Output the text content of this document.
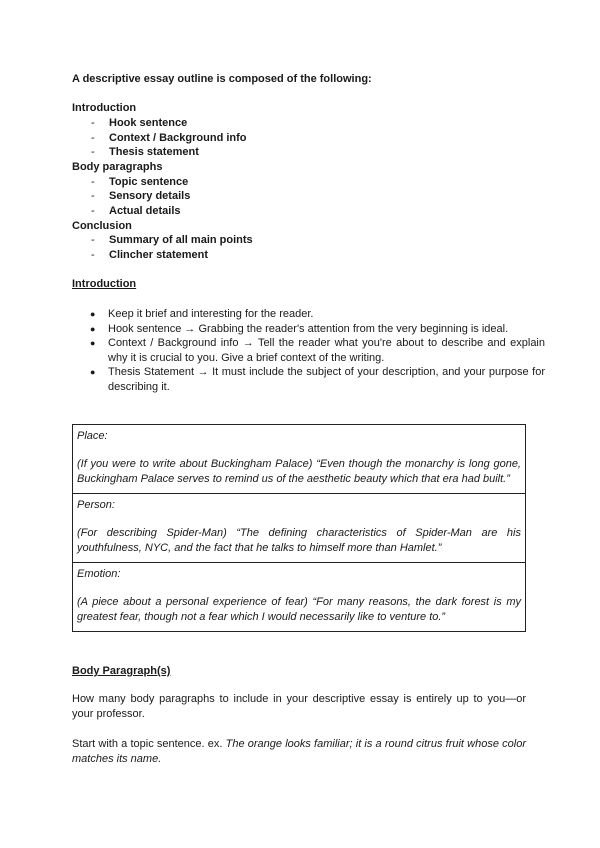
A descriptive essay outline is composed of the following:
Introduction
- Hook sentence
- Context / Background info
- Thesis statement
Body paragraphs
- Topic sentence
- Sensory details
- Actual details
Conclusion
- Summary of all main points
- Clincher statement
Introduction
● Keep it brief and interesting for the reader.

● Hook sentence → Grabbing the reader's attention from the very beginning is ideal.

● Context / Background info → Tell the reader what you're about to describe and explain why it is crucial to you. Give a brief context of the writing.

● Thesis Statement → It must include the subject of your description, and your purpose for describing it.

Place:

(If you were to write about Buckingham Palace) “Even though the monarchy is long gone, Buckingham Palace serves to remind us of the aesthetic beauty which that era had built.”

Person:

(For describing Spider-Man) “The defining characteristics of Spider-Man are his youthfulness, NYC, and the fact that he talks to himself more than Hamlet.”

Emotion:

(A piece about a personal experience of fear) “For many reasons, the dark forest is my greatest fear, though not a fear which I would necessarily like to venture to.”

Body Paragraph(s)
How many body paragraphs to include in your descriptive essay is entirely up to you—or your professor.
Start with a topic sentence. ex. The orange looks familiar; it is a round citrus fruit whose color matches its name.
